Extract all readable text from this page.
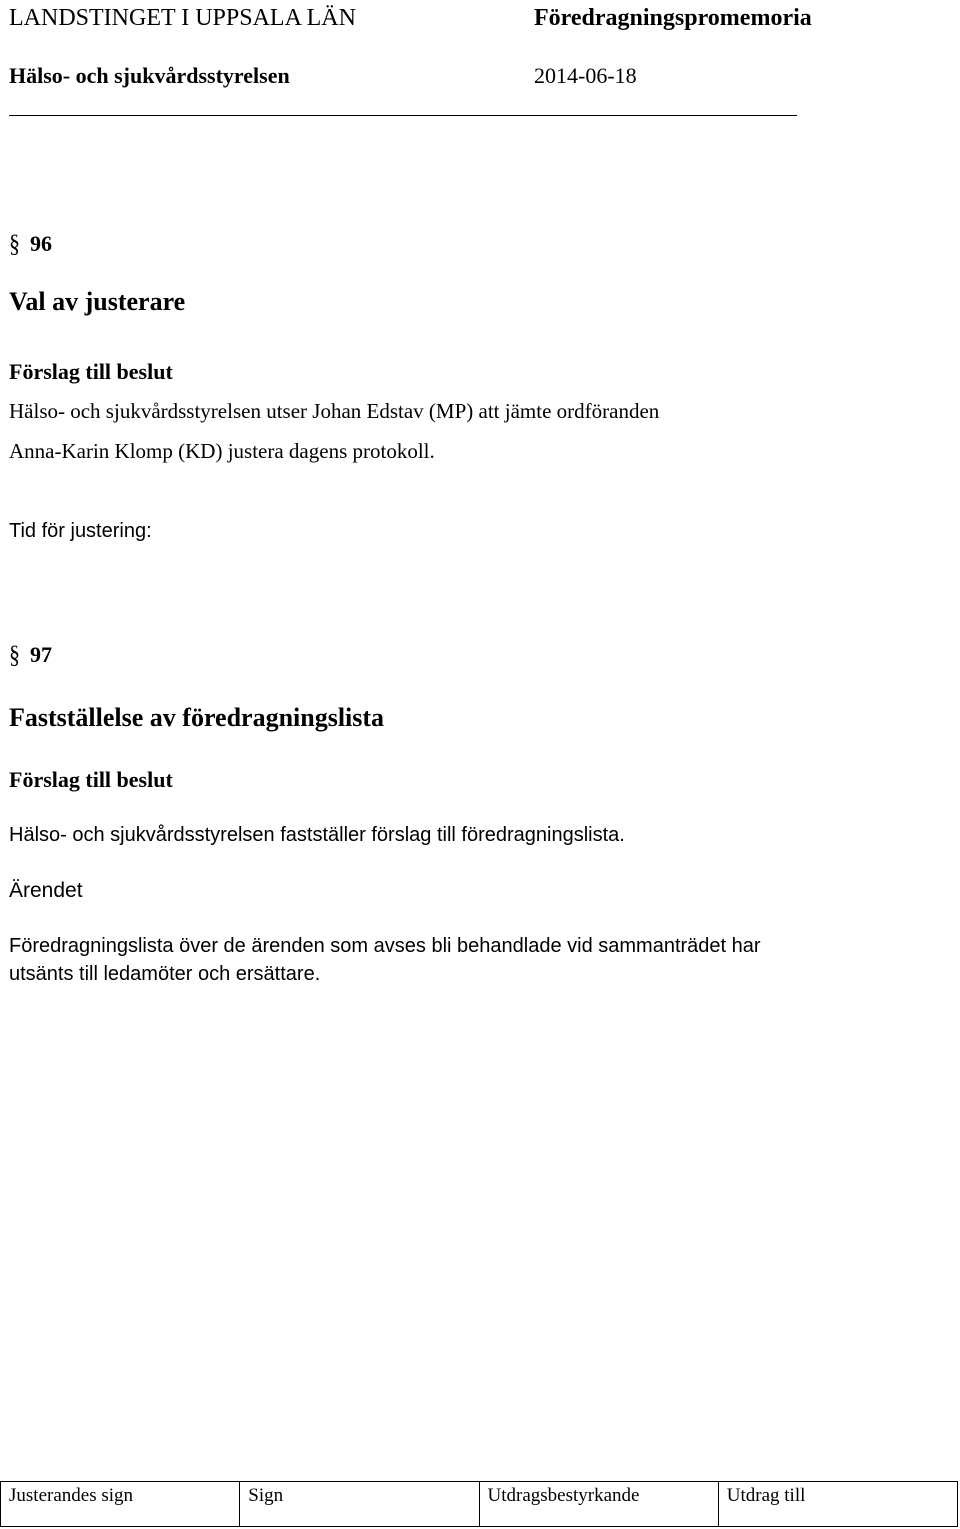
LANDSTINGET I UPPSALA LÄN	Föredragningspromemoria
Hälso- och sjukvårdsstyrelsen	2014-06-18
§ 96
Val av justerare
Förslag till beslut
Hälso- och sjukvårdsstyrelsen utser Johan Edstav (MP) att jämte ordföranden
Anna-Karin Klomp (KD) justera dagens protokoll.
Tid för justering:
§ 97
Fastställelse av föredragningslista
Förslag till beslut
Hälso- och sjukvårdsstyrelsen fastställer förslag till föredragningslista.
Ärendet
Föredragningslista över de ärenden som avses bli behandlade vid sammanträdet har
utsänts till ledamöter och ersättare.
Justerandes sign	Sign	Utdragsbestyrkande	Utdrag till
